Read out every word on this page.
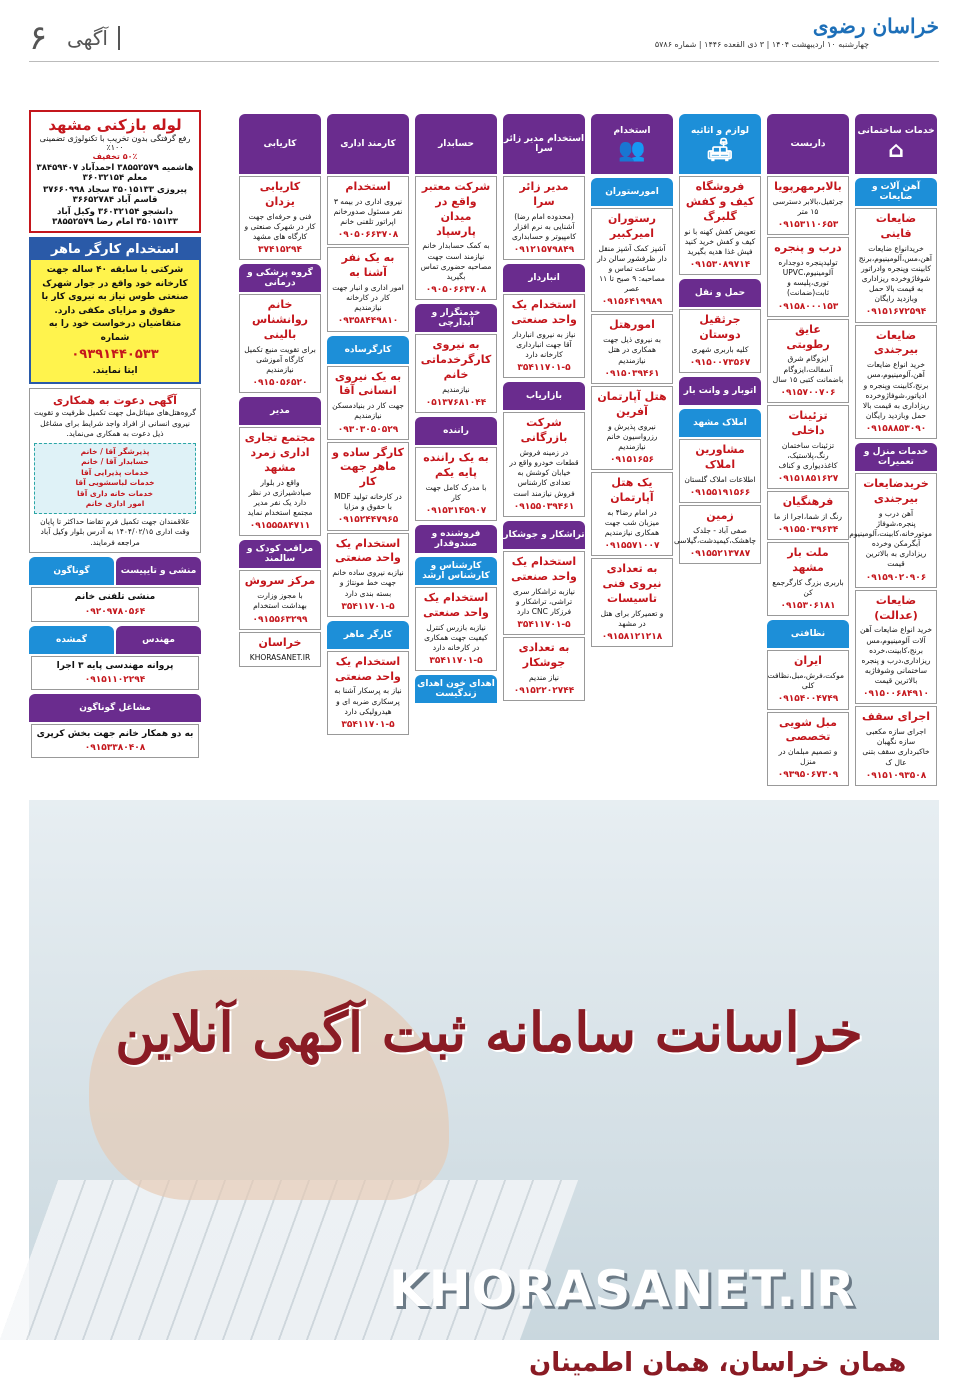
خراسان رضوی
چهارشنبه ۱۰ اردیبهشت ۱۴۰۴ | ۳ ذی القعده ۱۴۴۶ | شماره ۵۷۸۶
آگهی
۶
خدمات ساختمانی
⌂
آهن آلات و ضایعات
ضایعات قاینی
خریدانواع ضایعات آهن،مس،آلومینیوم،برنج کابینت وپنجره وادراتور شوفاژوخرده ریزاداری به قیمت بالا حمل وبازدید رایگان
۰۹۱۵۱۶۷۲۵۹۴
ضایعات بیرجندی
خرید انواع ضایعات آهن،آلومینیوم،مس برنج،کابینت وپنجره و ادیاتور،شوفاژوخرده ریزاداری به قیمت بالا حمل وبازدید رایگان
۰۹۱۵۸۸۵۳۰۹۰
خدمات منزل و تعمیرات
خریدضایعات بیرجندی
آهن درب و پنجره،شوفاژ موتورخانه،کابینت،آلومینیوم آبگرمکن وخرده ریزاداری به بالاترین قیمت
۰۹۱۵۹۰۲۰۹۰۶
ضایعات (عدالت)
خرید انواع ضایعات آهن آلات آلومینیوم،مس برنج،کابینت،خرده ریزاداری،درب و پنجره ساختمانی وشوفاژبه بالاترین قیمت
۰۹۱۵۰۰۶۸۴۹۱۰
اجرای سقف
اجرای سازه مکعبی سازه نگهبان خاکبرداری سقف بتنی عال ک
۰۹۱۵۱۰۹۳۵۰۸
داربست
بالابرمهرپویا
جرثقیل،بالابر دسترسی ۱۵ متر
۰۹۱۵۳۱۱۰۶۵۳
درب و پنجره
تولیدپنجره دوجداره آلومینیوم،UPVC توری،پلیسه و ثابت(ضمانت)
۰۹۱۵۸۰۰۰۱۵۳
عایق رطوبتی
ایزوگام شرق آسفالت،ایزوگام باضمانت کتبی ۱۵ سال
۰۹۱۵۷۰۰۷۰۶
تزئینات داخلی
تزئینات ساختمان رنگ،پلاستیک، کاغذدیواری و کناف
۰۹۱۵۱۸۵۱۶۲۷
فرهنگیان
رنگ از شما،اجرا از ما
۰۹۱۵۵۰۳۹۶۳۴
ملت بار مشهد
باربری بزرگ کارگرجمع کن
۰۹۱۵۳۰۶۱۸۱
نظافتی
ایران
موکت،فرش،مبل،نظافت کلی
۰۹۱۵۴۰۰۴۷۴۹
مبل شویی تخصصی
و تصمیم مبلمان در منزل
۰۹۳۹۵۰۶۷۳۰۹
لوازم و اثاثیه
🛋
فروشگاه کیف و کفش گلبرگ
تعویض کفش کهنه با نو کیف و کفش خرید کنید فیش غذا هدیه بگیرید
۰۹۱۵۳۰۸۹۷۱۴
حمل و نقل
جرثقیل دوستان
کلیه باربری شهری
۰۹۱۵۰۰۷۳۵۶۷
اتوبار و وانت بار
املاک مشهد
مشاورین املاک
اطلاعات املاک گلستان
۰۹۱۵۵۱۹۱۵۶۶
زمین
صفی آباد - جلدک چاهشک،کیمیدشت،گیلاسی
۰۹۱۵۵۲۱۳۷۸۷
استخدام
👥
امورستوران
رستوران امیرکبیر
آشپز کمک آشپز منقل دار ظرفشور سالن دار ساعت تماس و مصاحبه: ۹ صبح تا ۱۱ عصر
۰۹۱۵۶۴۱۹۹۸۹
امورهتل
به نیروی ذیل جهت همکاری در هتل نیازمندیم
۰۹۱۵۰۳۹۴۶۱
هتل آپارتمان آفرین
نیروی پذیرش و رزرواسیون خانم نیازمندیم
۰۹۱۵۱۶۵۶
یک هتل آپارتمان
در امام رضا۴ به میزبان شب جهت همکاری نیازمندیم
۰۹۱۵۵۷۱۰۰۷
به تعدادی نیروی فنی تاسیسات
و تعمیرکار برای هتل در مشهد
۰۹۱۵۸۱۲۱۲۱۸
استخدام مدیر زائر سرا
مدیر زائر سرا
(محدوده امام رضا) آشنایی به نرم افزار کامپیوتر و حسابداری
۰۹۱۲۱۵۷۹۸۴۹
انباردار
استخدام یک واحد صنعتی
نیاز به نیروی انباردار آقا جهت انبارداری کارخانه دارد
۳۵۴۱۱۷۰۱-۵
بازاریاب
شرکت بازرگانی
در زمینه فروش قطعات خودرو واقع در خیابان کوشش به تعدادی کارشناس فروش نیازمند است
۰۹۱۵۵۰۳۹۴۶۱
تراشکار و جوشکار
استخدام یک واحد صنعتی
نیازبه تراشکار سری تراشی، تراشکار و فرزکار CNC دارد
۳۵۴۱۱۷۰۱-۵
به تعدادی جوشکار
نیاز مندیم
۰۹۱۵۲۲۰۲۷۴۴
حسابدار
شرکت معتبر واقع در میدان پارسپاد
به کمک حسابدار خانم نیازمند است جهت مصاحبه حضوری تماس بگیرید
۰۹۰۵۰۶۶۳۷۰۸
خدمتگزار و آبدارچی
به نیروی کارگرخدماتی خانم
نیازمندیم
۰۵۱۳۷۶۸۱۰۴۴
راننده
به یک راننده پایه یکم
با مدرک کامل جهت کار
۰۹۱۵۳۱۴۵۹۰۷
فروشنده و صندوقدار
کارشناس و کارشناس ارشد
استخدام یک واحد صنعتی
نیازبه بازرس کنترل کیفیت جهت همکاری در کارخانه دارد
۳۵۴۱۱۷۰۱-۵
اهدای خون اهدای زندگیست
کارمند اداری
استخدام
نیروی اداری در بیمه ۳ نفر مسئول صدورخانم اپراتور تلفنی خانم
۰۹۰۵۰۶۶۳۷۰۸
به یک نفر آشنا به
امور اداری و انبار جهت کار در کارخانه نیازمندیم
۰۹۳۵۸۴۴۹۸۱۰
کارگرساده
به یک نیروی انسانی آقا
جهت کار در بنیادمسکن نیازمندیم
۰۹۳۰۳۰۵۰۵۲۹
کارگر ساده و ماهر جهت کار
در کارخانه تولید MDF با حقوق و مزایا
۰۹۱۵۲۴۴۷۹۶۵
استخدام یک واحد صنعتی
نیازبه نیروی ساده خانم جهت خط مونتاژ و بسته بندی دارد
۳۵۴۱۱۷۰۱-۵
کارگر ماهر
استخدام یک واحد صنعتی
نیاز به پرسکار آشنا به پرسکاری ضربه ای و هیدرولیکی دارد
۳۵۴۱۱۷۰۱-۵
کاریابی
کاریابی یزدان
فنی و حرفه‌ای جهت کار در شهرک صنعتی و کارگاه های مشهد
۳۷۴۱۵۲۹۴
گروه پزشکی و درمانی
خانم روانشناس بالینی
برای تقویت منبع تکمیل کارگاه آموزشی نیازمندیم
۰۹۱۵۰۵۶۵۲۰
مدیر
مجتمع تجاری اداری زمرد مشهد
واقع در بلوار صیادشیرازی در نظر دارد یک نفر مدیر مجتمع استخدام نماید
۰۹۱۵۵۵۸۴۷۱۱
مراقب کودک و سالمند
مرکز سروش
با مجوز وزارت بهداشت استخدام
۰۹۱۵۵۶۳۲۹۹
خراسان
KHORASANET.IR
لوله بازکنی مشهد
رفع گرفتگی بدون تخریب با تکنولوژی تضمینی ۱۰۰٪
۵۰٪ تخفیف
هاشمیه ۳۸۵۵۲۵۷۹ احمدآباد ۳۸۴۵۹۴۰۷ معلم ۳۶۰۳۲۱۵۴
پیروزی ۳۵۰۱۵۱۳۳ سجاد ۳۷۶۶۰۹۹۸ قاسم آباد ۳۶۶۵۲۷۸۴
دانشجو ۳۶۰۳۲۱۵۴ وکیل آباد ۳۵۰۱۵۱۳۳ امام رضا ۳۸۵۵۲۵۷۹
استخدام کارگر ماهر
شرکتی با سابقه ۴۰ ساله جهت کارخانه خود واقع در جوار شهرک صنعتی طوس نیاز به نیروی کار با حقوق و مزایای مکفی دارد. متقاضیان درخواست خود را به شماره
۰۹۳۹۱۴۴۰۵۳۳
ایتا نمایند.
آگهی دعوت به همکاری
گروه‌هتل‌های مینا‌تل‌مل جهت تکمیل ظرفیت و تقویت نیروی انسانی از افراد واجد شرایط برای مشاغل ذیل دعوت به همکاری می‌نماید.
پذیرشگر آقا / خانم
حسابدار آقا / خانم
خدمات پذیرایی آقا
خدمات لباسشویی آقا
خدمات خانه داری آقا
امور اداری خانم
علاقمندان جهت تکمیل فرم تقاضا حداکثر تا پایان وقت اداری ۱۴۰۴/۰۲/۱۵ به آدرس بلوار وکیل آباد مراجعه فرمایند.
منشی و تایپیست
گوناگون
منشی تلفنی خانم
۰۹۲۰۹۷۸۰۵۶۴
مهندس
گمشده
پروانه مهندسی پایه ۳ اجرا
۰۹۱۵۱۱۰۲۲۹۴
مشاغل گوناگون
به دو همکار خانم جهت بخش کرپری
۰۹۱۵۳۳۸۰۴۰۸
خراسانت سامانه ثبت آگهی آنلاین
KHORASANET.IR
همان خراسان، همان اطمینان
